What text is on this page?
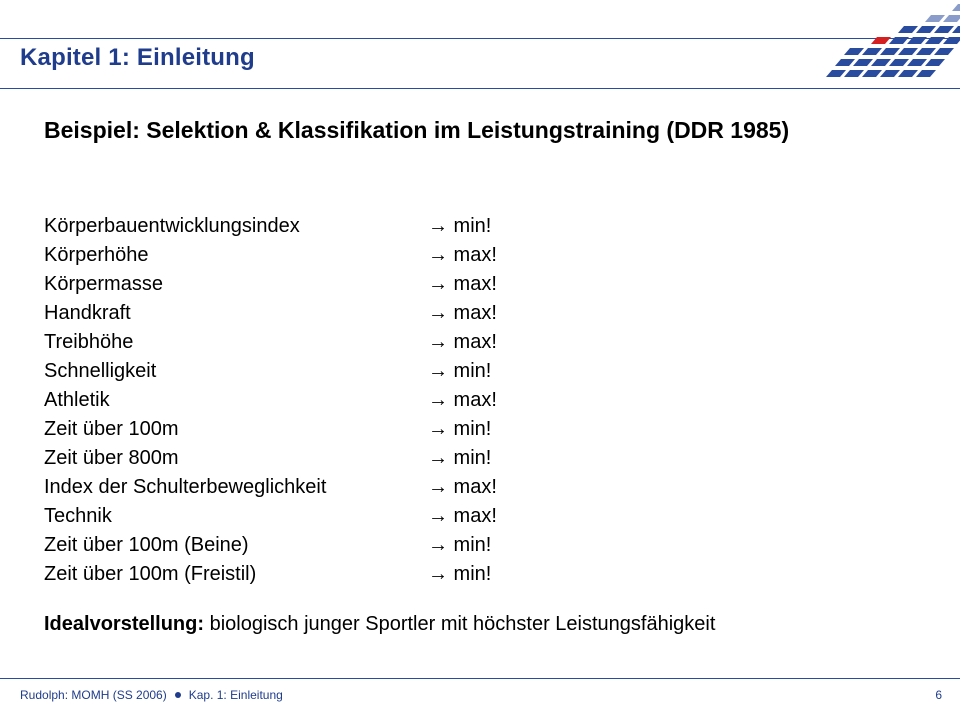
Kapitel 1: Einleitung
Beispiel: Selektion & Klassifikation im Leistungstraining (DDR 1985)
Körperbauentwicklungsindex	→ min!
Körperhöhe	→ max!
Körpermasse	→ max!
Handkraft	→ max!
Treibhöhe	→ max!
Schnelligkeit	→ min!
Athletik	→ max!
Zeit über 100m	→ min!
Zeit über 800m	→ min!
Index der Schulterbeweglichkeit	→ max!
Technik	→ max!
Zeit über 100m (Beine)	→ min!
Zeit über 100m (Freistil)	→ min!
Idealvorstellung: biologisch junger Sportler mit höchster Leistungsfähigkeit
Rudolph: MOMH (SS 2006) Kap. 1: Einleitung	6
